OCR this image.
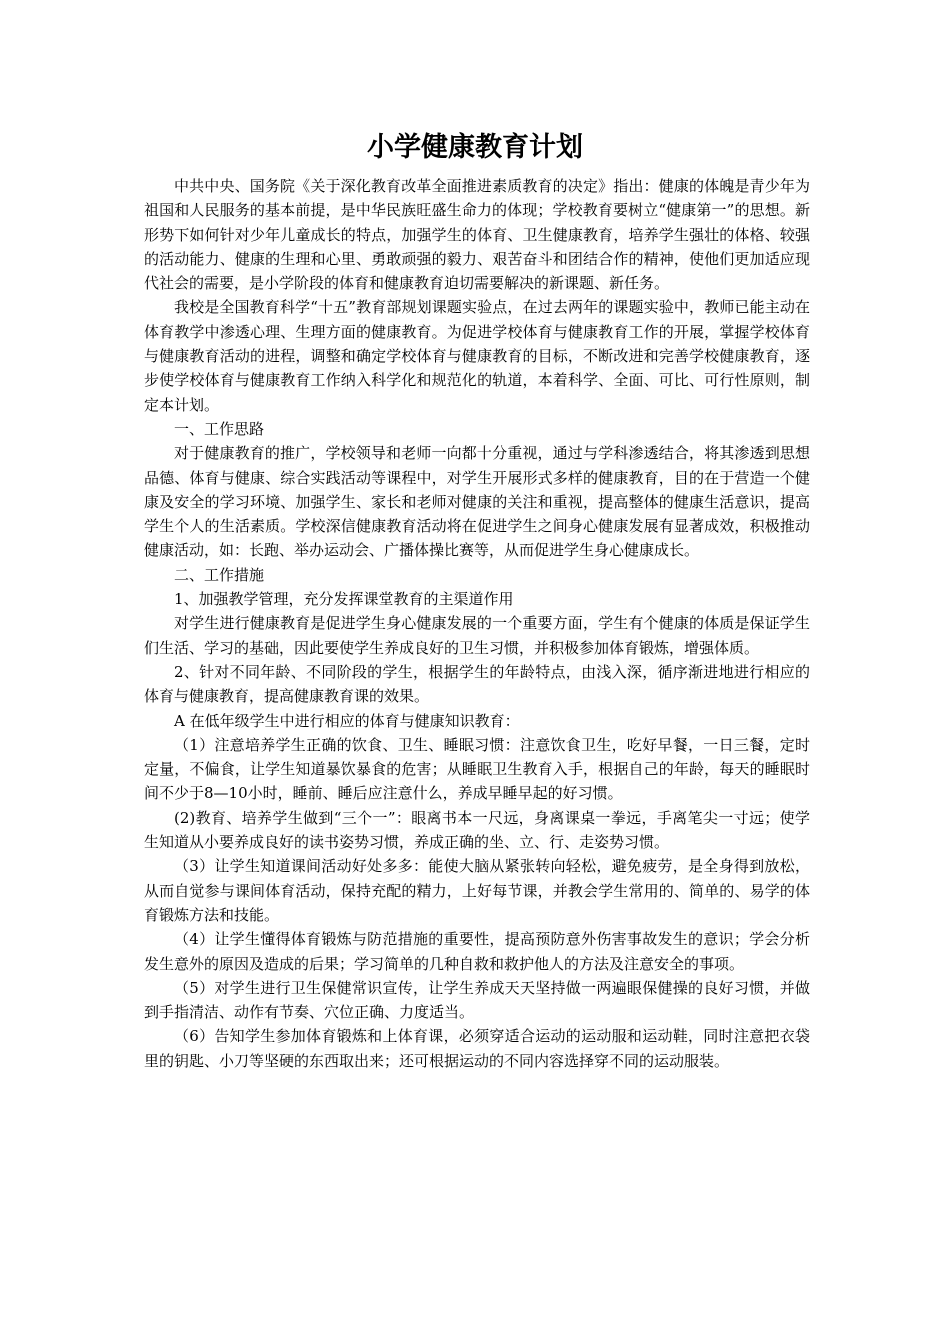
小学健康教育计划

中共中央、国务院《关于深化教育改革全面推进素质教育的决定》指出：健康的体魄是青少年为祖国和人民服务的基本前提，是中华民族旺盛生命力的体现；学校教育要树立“健康第一”的思想。新形势下如何针对少年儿童成长的特点，加强学生的体育、卫生健康教育，培养学生强壮的体格、较强的活动能力、健康的生理和心里、勇敢顽强的毅力、艰苦奋斗和团结合作的精神，使他们更加适应现代社会的需要，是小学阶段的体育和健康教育迫切需要解决的新课题、新任务。

我校是全国教育科学“十五”教育部规划课题实验点，在过去两年的课题实验中，教师已能主动在体育教学中渗透心理、生理方面的健康教育。为促进学校体育与健康教育工作的开展，掌握学校体育与健康教育活动的进程，调整和确定学校体育与健康教育的目标，不断改进和完善学校健康教育，逐步使学校体育与健康教育工作纳入科学化和规范化的轨道，本着科学、全面、可比、可行性原则，制定本计划。

一、工作思路

对于健康教育的推广，学校领导和老师一向都十分重视，通过与学科渗透结合，将其渗透到思想品德、体育与健康、综合实践活动等课程中，对学生开展形式多样的健康教育，目的在于营造一个健康及安全的学习环境、加强学生、家长和老师对健康的关注和重视，提高整体的健康生活意识，提高学生个人的生活素质。学校深信健康教育活动将在促进学生之间身心健康发展有显著成效，积极推动健康活动，如：长跑、举办运动会、广播体操比赛等，从而促进学生身心健康成长。

二、工作措施

1、加强教学管理，充分发挥课堂教育的主渠道作用

对学生进行健康教育是促进学生身心健康发展的一个重要方面，学生有个健康的体质是保证学生们生活、学习的基础，因此要使学生养成良好的卫生习惯，并积极参加体育锻炼，增强体质。

2、针对不同年龄、不同阶段的学生，根据学生的年龄特点，由浅入深，循序渐进地进行相应的体育与健康教育，提高健康教育课的效果。

A 在低年级学生中进行相应的体育与健康知识教育：

（1）注意培养学生正确的饮食、卫生、睡眠习惯：注意饮食卫生，吃好早餐，一日三餐，定时定量，不偏食，让学生知道暴饮暴食的危害；从睡眠卫生教育入手，根据自己的年龄，每天的睡眠时间不少于8—10小时，睡前、睡后应注意什么，养成早睡早起的好习惯。

(2)教育、培养学生做到“三个一”：眼离书本一尺远，身离课桌一拳远，手离笔尖一寸远；使学生知道从小要养成良好的读书姿势习惯，养成正确的坐、立、行、走姿势习惯。

（3）让学生知道课间活动好处多多：能使大脑从紧张转向轻松，避免疲劳，是全身得到放松，从而自觉参与课间体育活动，保持充配的精力，上好每节课，并教会学生常用的、简单的、易学的体育锻炼方法和技能。

（4）让学生懂得体育锻炼与防范措施的重要性，提高预防意外伤害事故发生的意识；学会分析发生意外的原因及造成的后果；学习简单的几种自救和救护他人的方法及注意安全的事项。

（5）对学生进行卫生保健常识宣传，让学生养成天天坚持做一两遍眼保健操的良好习惯，并做到手指清洁、动作有节奏、穴位正确、力度适当。

（6）告知学生参加体育锻炼和上体育课，必须穿适合运动的运动服和运动鞋，同时注意把衣袋里的钥匙、小刀等坚硬的东西取出来；还可根据运动的不同内容选择穿不同的运动服装。
